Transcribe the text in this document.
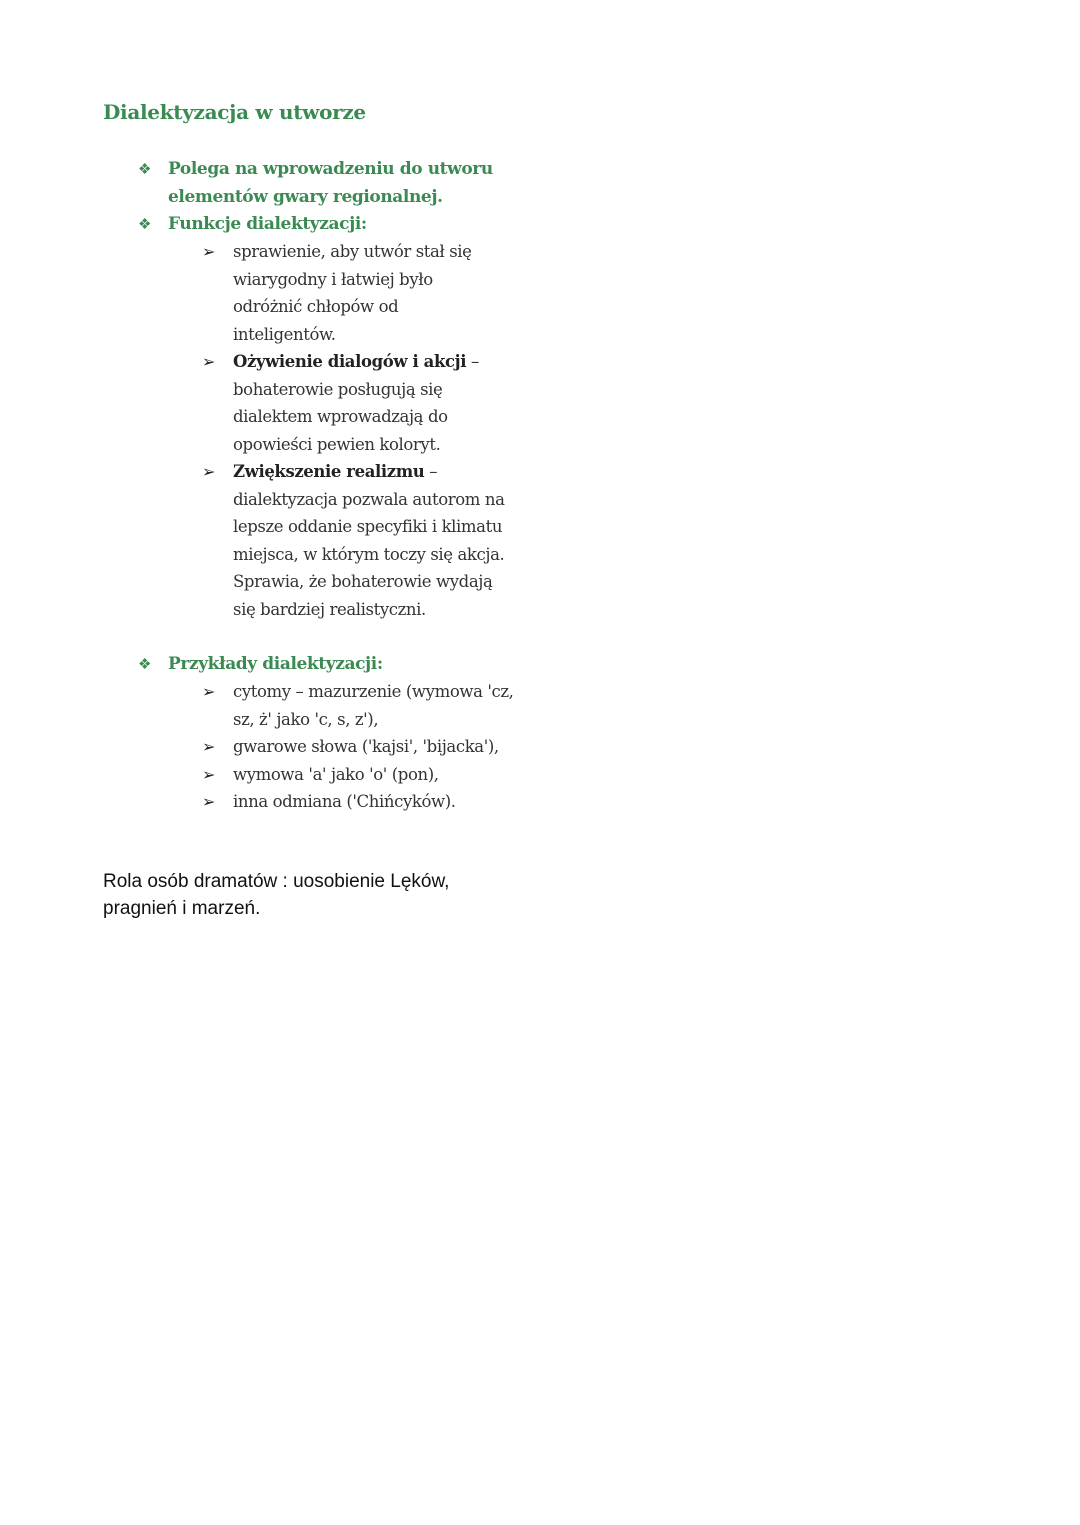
Dialektyzacja w utworze
❖ Polega na wprowadzeniu do utworu elementów gwary regionalnej.
❖ Funkcje dialektyzacji:
➢ sprawienie, aby utwór stał się wiarygodny i łatwiej było odróżnić chłopów od inteligentów.
➢ Ożywienie dialogów i akcji – bohaterowie posługują się dialektem wprowadzają do opowieści pewien koloryt.
➢ Zwiększenie realizmu – dialektyzacja pozwala autorom na lepsze oddanie specyfiki i klimatu miejsca, w którym toczy się akcja. Sprawia, że bohaterowie wydają się bardziej realistyczni.
❖ Przykłady dialektyzacji:
➢ cytomy – mazurzenie (wymowa 'cz, sz, ż' jako 'c, s, z'),
➢ gwarowe słowa ('kajsi', 'bijacka'),
➢ wymowa 'a' jako 'o' (pon),
➢ inna odmiana ('Chińcyków).
Rola osób dramatów : uosobienie Lęków, pragnień i marzeń.
